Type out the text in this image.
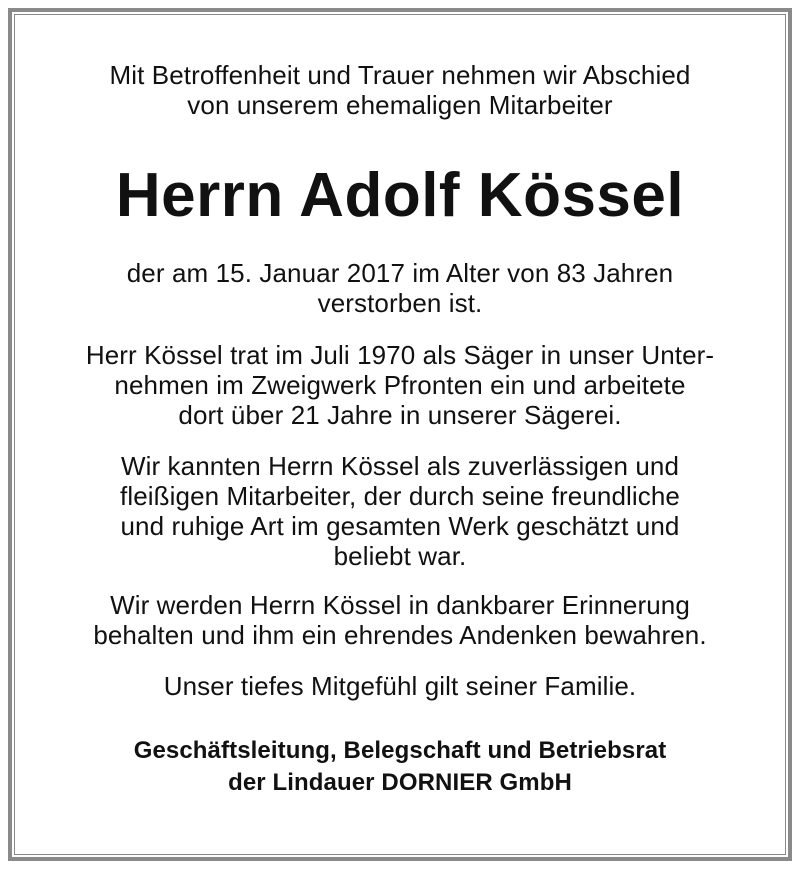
Mit Betroffenheit und Trauer nehmen wir Abschied
von unserem ehemaligen Mitarbeiter
Herrn Adolf Kössel
der am 15. Januar 2017 im Alter von 83 Jahren
verstorben ist.
Herr Kössel trat im Juli 1970 als Säger in unser Unter-
nehmen im Zweigwerk Pfronten ein und arbeitete
dort über 21 Jahre in unserer Sägerei.
Wir kannten Herrn Kössel als zuverlässigen und
fleißigen Mitarbeiter, der durch seine freundliche
und ruhige Art im gesamten Werk geschätzt und
beliebt war.
Wir werden Herrn Kössel in dankbarer Erinnerung
behalten und ihm ein ehrendes Andenken bewahren.
Unser tiefes Mitgefühl gilt seiner Familie.
Geschäftsleitung, Belegschaft und Betriebsrat
der Lindauer DORNIER GmbH
